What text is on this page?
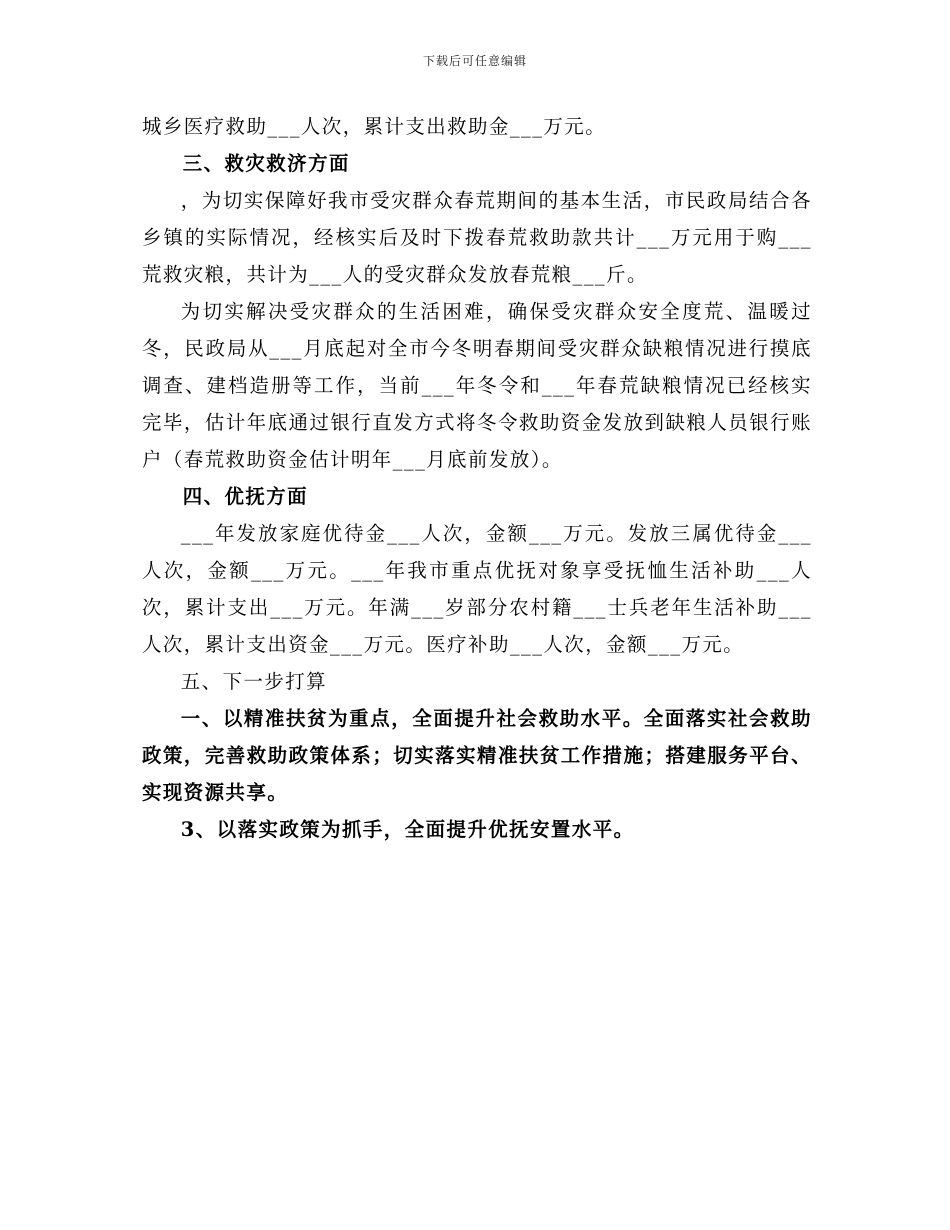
下载后可任意编辑

城乡医疗救助___人次，累计支出救助金___万元。

三、救灾救济方面

，为切实保障好我市受灾群众春荒期间的基本生活，市民政局结合各乡镇的实际情况，经核实后及时下拨春荒救助款共计___万元用于购___荒救灾粮，共计为___人的受灾群众发放春荒粮___斤。

为切实解决受灾群众的生活困难，确保受灾群众安全度荒、温暖过冬，民政局从___月底起对全市今冬明春期间受灾群众缺粮情况进行摸底调查、建档造册等工作，当前___年冬令和___年春荒缺粮情况已经核实完毕，估计年底通过银行直发方式将冬令救助资金发放到缺粮人员银行账户（春荒救助资金估计明年___月底前发放）。

四、优抚方面

___年发放家庭优待金___人次，金额___万元。发放三属优待金___人次，金额___万元。___年我市重点优抚对象享受抚恤生活补助___人次，累计支出___万元。年满___岁部分农村籍___士兵老年生活补助___人次，累计支出资金___万元。医疗补助___人次，金额___万元。

五、下一步打算

一、以精准扶贫为重点，全面提升社会救助水平。全面落实社会救助政策，完善救助政策体系；切实落实精准扶贫工作措施；搭建服务平台、实现资源共享。

3、以落实政策为抓手，全面提升优抚安置水平。
